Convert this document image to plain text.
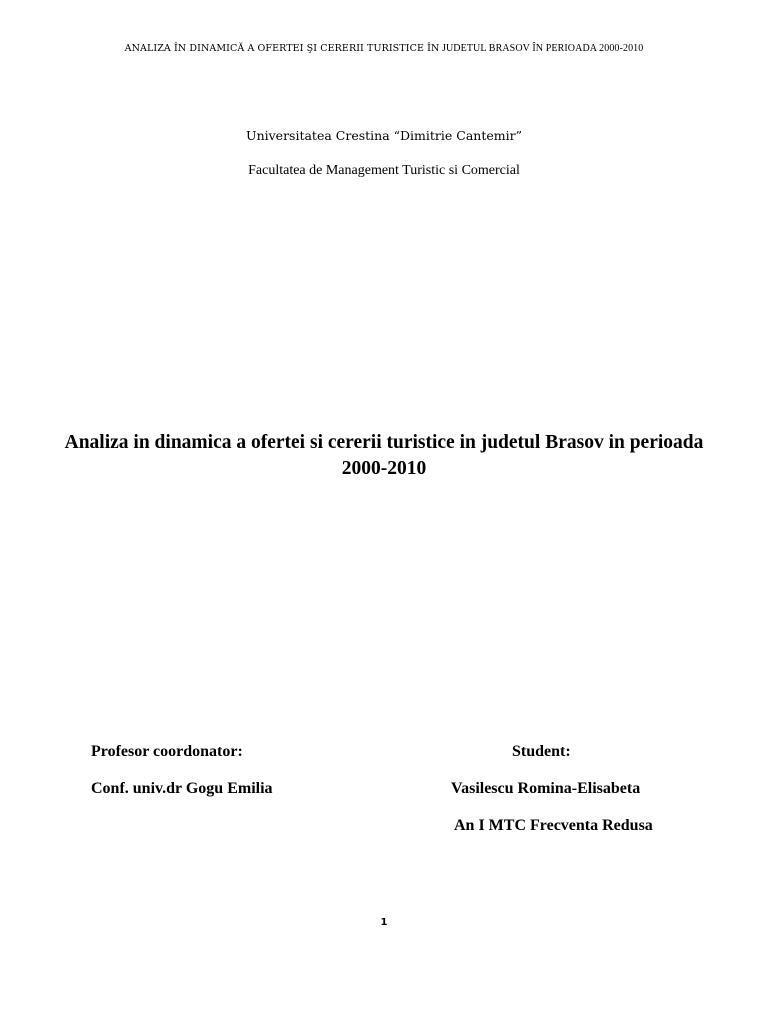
ANALIZA ÎN DINAMICĂ A OFERTEI ŞI CERERII TURISTICE ÎN JUDETUL BRASOV ÎN PERIOADA 2000-2010
Universitatea Crestina “Dimitrie Cantemir”
Facultatea de Management Turistic si Comercial
Analiza in dinamica a ofertei si cererii turistice in judetul Brasov in perioada 2000-2010
Profesor coordonator:
Conf. univ.dr Gogu Emilia
Student:
Vasilescu Romina-Elisabeta
An I MTC Frecventa Redusa
1
